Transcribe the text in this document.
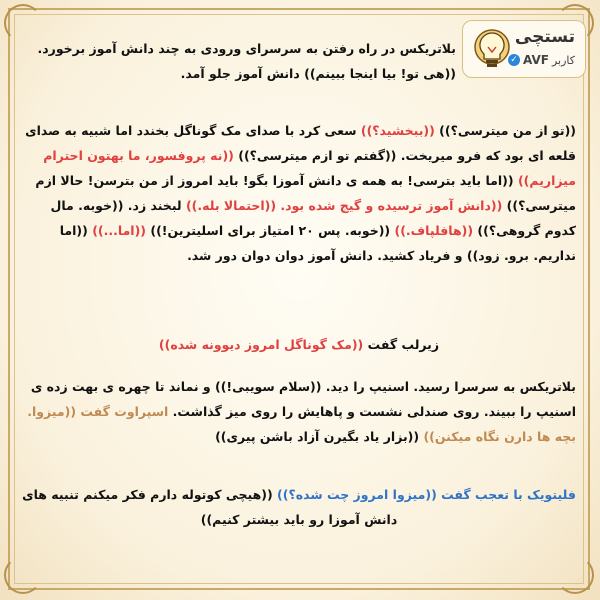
تستچی
کاربر
AVF
✓

بلاتریکس در راه رفتن به سرسرای ورودی به چند دانش آموز برخورد. ((هی تو! بیا اینجا ببینم)) دانش آموز جلو آمد.

((تو از من میترسی؟)) ((ببخشید؟)) سعی کرد با صدای مک گوناگل بخندد اما شبیه به صدای قلعه ای بود که فرو میریخت. ((گفتم تو ازم میترسی؟)) ((نه پروفسور، ما بهتون احترام میزاریم)) ((اما باید بترسی! به همه ی دانش آموزا بگو! باید امروز از من بترسن! حالا ازم میترسی؟)) ((دانش آموز ترسیده و گیج شده بود. ((احتمالا بله.)) لبخند زد. ((خوبه. مال کدوم گروهی؟)) ((هافلپاف.)) ((خوبه. پس ۲۰ امتیاز برای اسلیترین!)) ((اما...)) ((اما نداریم. برو. زود)) و فریاد کشید. دانش آموز دوان دوان دور شد.

زیرلب گفت ((مک گوناگل امروز دیوونه شده))

بلاتریکس به سرسرا رسید. اسنیپ را دید. ((سلام سویبی!)) و نماند تا چهره ی بهت زده ی اسنیپ را ببیند. روی صندلی نشست و پاهایش را روی میز گذاشت. اسپراوت گفت ((میزوا. بچه ها دارن نگاه میکنن)) ((بزار یاد بگیرن آزاد باشن پیری))

فلیتویک با تعجب گفت ((میزوا امروز چت شده؟)) ((هیچی کوتوله دارم فکر میکنم تنبیه های دانش آموزا رو باید بیشتر کنیم))
